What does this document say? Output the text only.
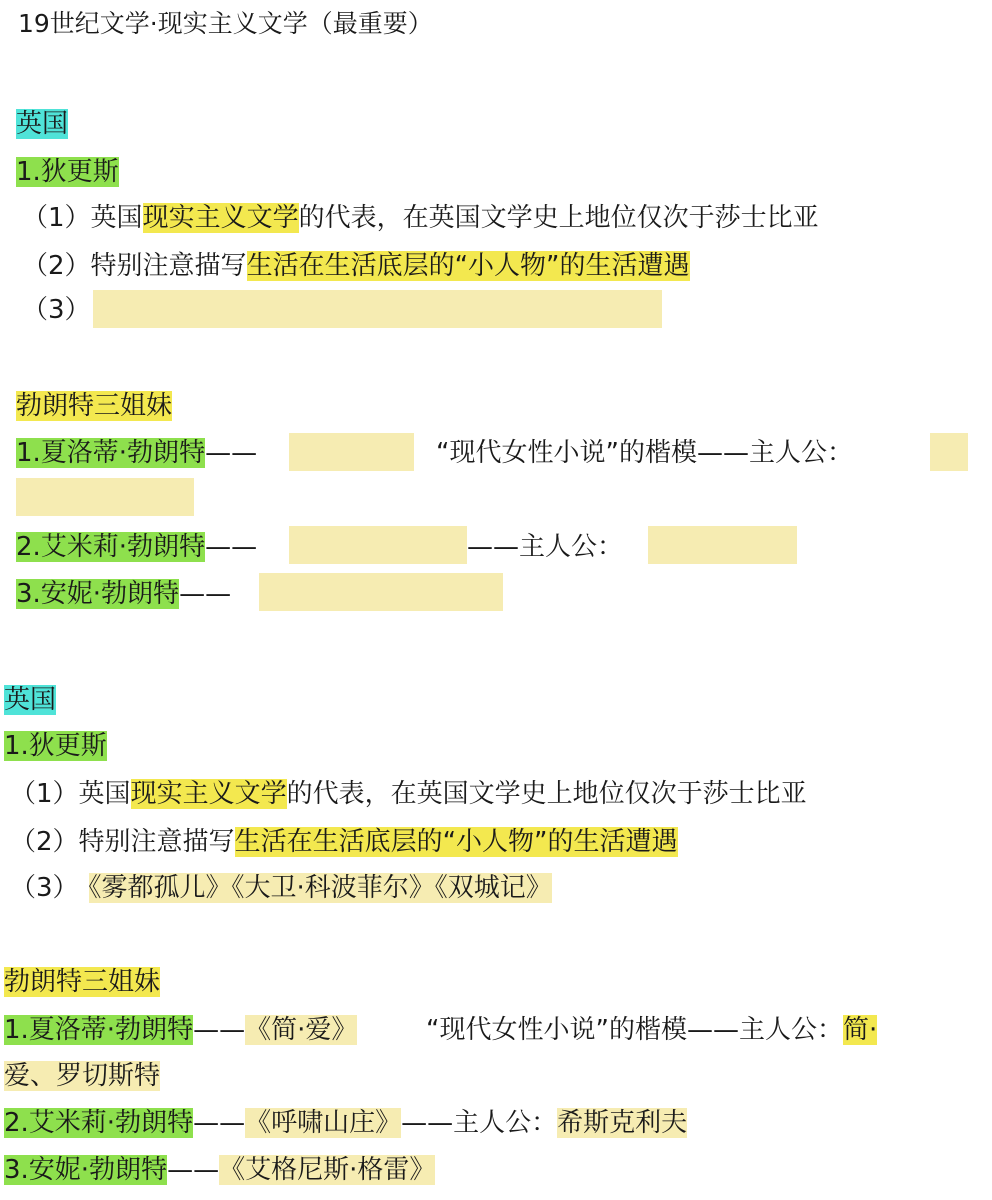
19世纪文学·现实主义文学（最重要）
英国
1.狄更斯
（1）英国现实主义文学的代表，在英国文学史上地位仅次于莎士比亚
（2）特别注意描写生活在生活底层的“小人物”的生活遭遇
（3）
勃朗特三姐妹
1.夏洛蒂·勃朗特——	“现代女性小说”的楷模——主人公：
2.艾米莉·勃朗特——	——主人公：
3.安妮·勃朗特——
英国
1.狄更斯
（1）英国现实主义文学的代表，在英国文学史上地位仅次于莎士比亚
（2）特别注意描写生活在生活底层的“小人物”的生活遭遇
（3） 《雾都孤儿》《大卫·科波菲尔》《双城记》
勃朗特三姐妹
1.夏洛蒂·勃朗特——《简·爱》	“现代女性小说”的楷模——主人公：简·
爱、罗切斯特
2.艾米莉·勃朗特——《呼啸山庄》——主人公：希斯克利夫
3.安妮·勃朗特——《艾格尼斯·格雷》
